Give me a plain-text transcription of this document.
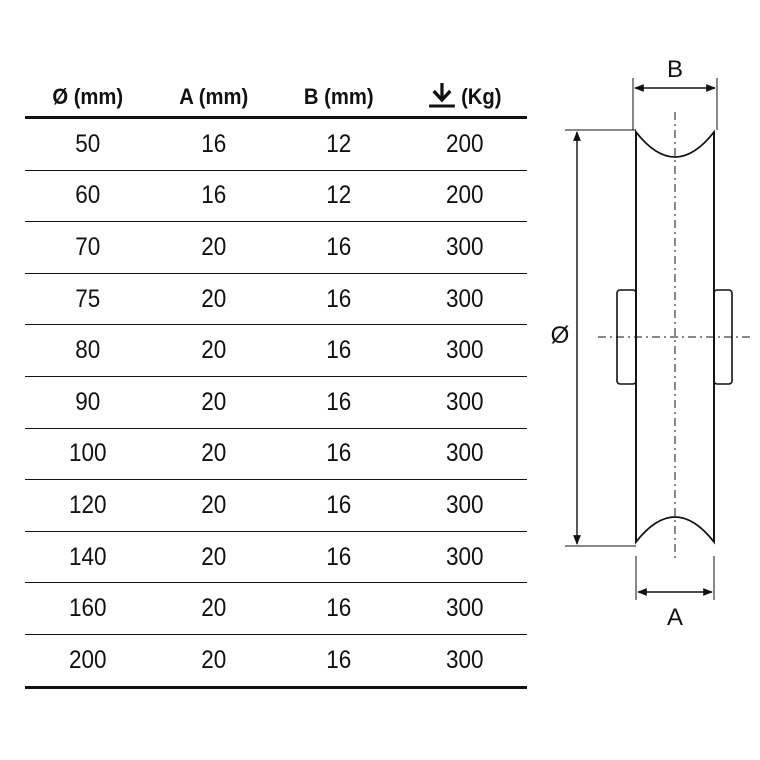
Ø (mm)	A (mm)	B (mm)	(Kg)
50	16	12	200
60	16	12	200
70	20	16	300
75	20	16	300
80	20	16	300
90	20	16	300
100	20	16	300
120	20	16	300
140	20	16	300
160	20	16	300
200	20	16	300
B
Ø
A
